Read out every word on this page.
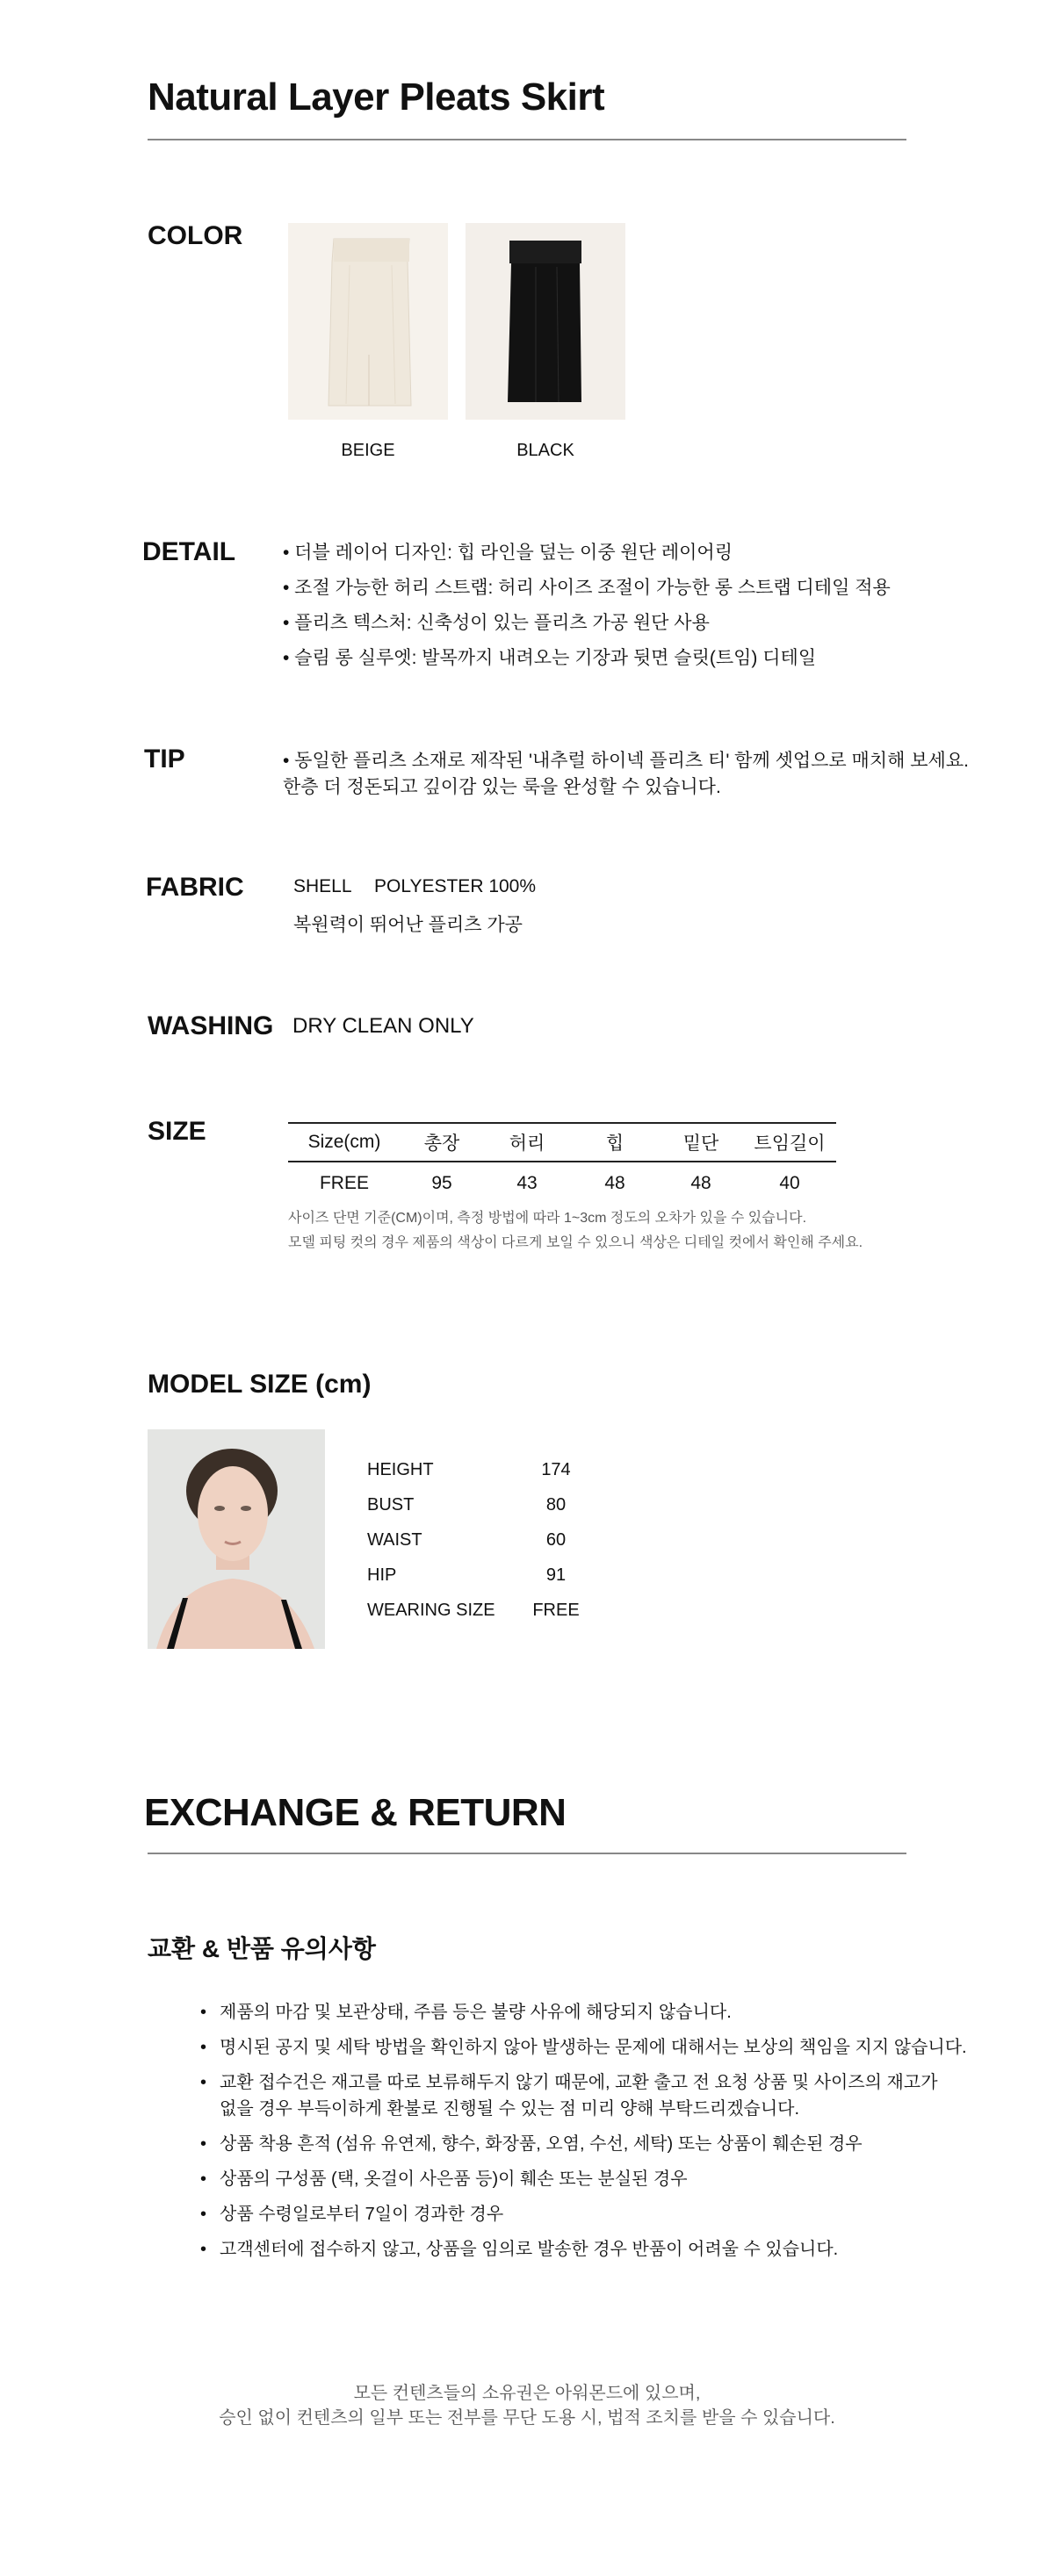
Natural Layer Pleats Skirt
COLOR
BEIGE	BLACK
DETAIL	• 더블 레이어 디자인: 힙 라인을 덮는 이중 원단 레이어링
• 조절 가능한 허리 스트랩: 허리 사이즈 조절이 가능한 롱 스트랩 디테일 적용
• 플리츠 텍스처: 신축성이 있는 플리츠 가공 원단 사용
• 슬림 롱 실루엣: 발목까지 내려오는 기장과 뒷면 슬릿(트임) 디테일
TIP	• 동일한 플리츠 소재로 제작된 '내추럴 하이넥 플리츠 티' 함께 셋업으로 매치해 보세요.
한층 더 정돈되고 깊이감 있는 룩을 완성할 수 있습니다.
FABRIC	SHELL POLYESTER 100%
복원력이 뛰어난 플리츠 가공
WASHING DRY CLEAN ONLY
SIZE	Size(cm)	총장	허리	힙	밑단	트임길이
FREE	95	43	48	48	40
사이즈 단면 기준(CM)이며, 측정 방법에 따라 1~3cm 정도의 오차가 있을 수 있습니다.
모델 피팅 컷의 경우 제품의 색상이 다르게 보일 수 있으니 색상은 디테일 컷에서 확인해 주세요.
MODEL SIZE (cm)
HEIGHT	174
BUST	80
WAIST	60
HIP	91
WEARING SIZE	FREE
EXCHANGE & RETURN
교환 & 반품 유의사항
• 제품의 마감 및 보관상태, 주름 등은 불량 사유에 해당되지 않습니다.
• 명시된 공지 및 세탁 방법을 확인하지 않아 발생하는 문제에 대해서는 보상의 책임을 지지 않습니다.
• 교환 접수건은 재고를 따로 보류해두지 않기 때문에, 교환 출고 전 요청 상품 및 사이즈의 재고가
없을 경우 부득이하게 환불로 진행될 수 있는 점 미리 양해 부탁드리겠습니다.
• 상품 착용 흔적 (섬유 유연제, 향수, 화장품, 오염, 수선, 세탁) 또는 상품이 훼손된 경우
• 상품의 구성품 (택, 옷걸이 사은품 등)이 훼손 또는 분실된 경우
• 상품 수령일로부터 7일이 경과한 경우
• 고객센터에 접수하지 않고, 상품을 임의로 발송한 경우 반품이 어려울 수 있습니다.
모든 컨텐츠들의 소유권은 아워몬드에 있으며,
승인 없이 컨텐츠의 일부 또는 전부를 무단 도용 시, 법적 조치를 받을 수 있습니다.
